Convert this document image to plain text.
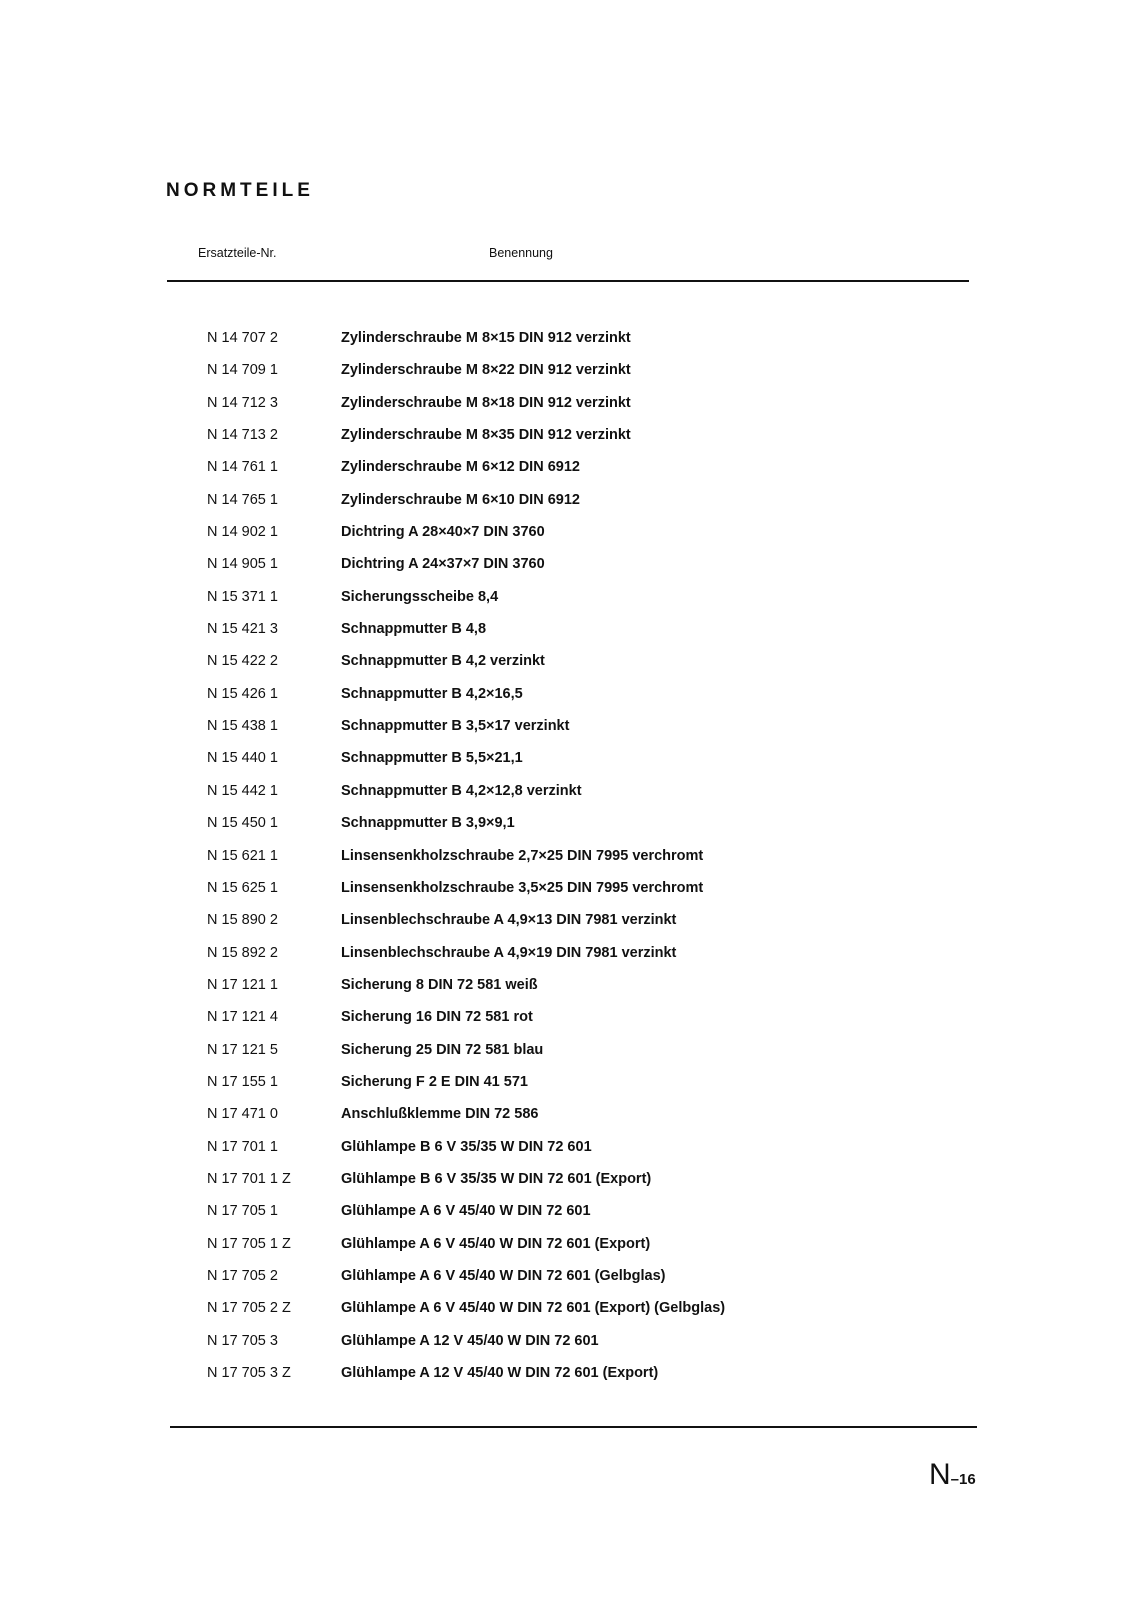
NORMTEILE
Ersatzteile-Nr.	Benennung
N 14 707 2	Zylinderschraube M 8×15 DIN 912 verzinkt
N 14 709 1	Zylinderschraube M 8×22 DIN 912 verzinkt
N 14 712 3	Zylinderschraube M 8×18 DIN 912 verzinkt
N 14 713 2	Zylinderschraube M 8×35 DIN 912 verzinkt
N 14 761 1	Zylinderschraube M 6×12 DIN 6912
N 14 765 1	Zylinderschraube M 6×10 DIN 6912
N 14 902 1	Dichtring A 28×40×7 DIN 3760
N 14 905 1	Dichtring A 24×37×7 DIN 3760
N 15 371 1	Sicherungsscheibe 8,4
N 15 421 3	Schnappmutter B 4,8
N 15 422 2	Schnappmutter B 4,2 verzinkt
N 15 426 1	Schnappmutter B 4,2×16,5
N 15 438 1	Schnappmutter B 3,5×17 verzinkt
N 15 440 1	Schnappmutter B 5,5×21,1
N 15 442 1	Schnappmutter B 4,2×12,8 verzinkt
N 15 450 1	Schnappmutter B 3,9×9,1
N 15 621 1	Linsensenkholzschraube 2,7×25 DIN 7995 verchromt
N 15 625 1	Linsensenkholzschraube 3,5×25 DIN 7995 verchromt
N 15 890 2	Linsenblechschraube A 4,9×13 DIN 7981 verzinkt
N 15 892 2	Linsenblechschraube A 4,9×19 DIN 7981 verzinkt
N 17 121 1	Sicherung 8 DIN 72 581 weiß
N 17 121 4	Sicherung 16 DIN 72 581 rot
N 17 121 5	Sicherung 25 DIN 72 581 blau
N 17 155 1	Sicherung F 2 E DIN 41 571
N 17 471 0	Anschlußklemme DIN 72 586
N 17 701 1	Glühlampe B 6 V 35/35 W DIN 72 601
N 17 701 1 Z	Glühlampe B 6 V 35/35 W DIN 72 601 (Export)
N 17 705 1	Glühlampe A 6 V 45/40 W DIN 72 601
N 17 705 1 Z	Glühlampe A 6 V 45/40 W DIN 72 601 (Export)
N 17 705 2	Glühlampe A 6 V 45/40 W DIN 72 601 (Gelbglas)
N 17 705 2 Z	Glühlampe A 6 V 45/40 W DIN 72 601 (Export) (Gelbglas)
N 17 705 3	Glühlampe A 12 V 45/40 W DIN 72 601
N 17 705 3 Z	Glühlampe A 12 V 45/40 W DIN 72 601 (Export)
N–16
